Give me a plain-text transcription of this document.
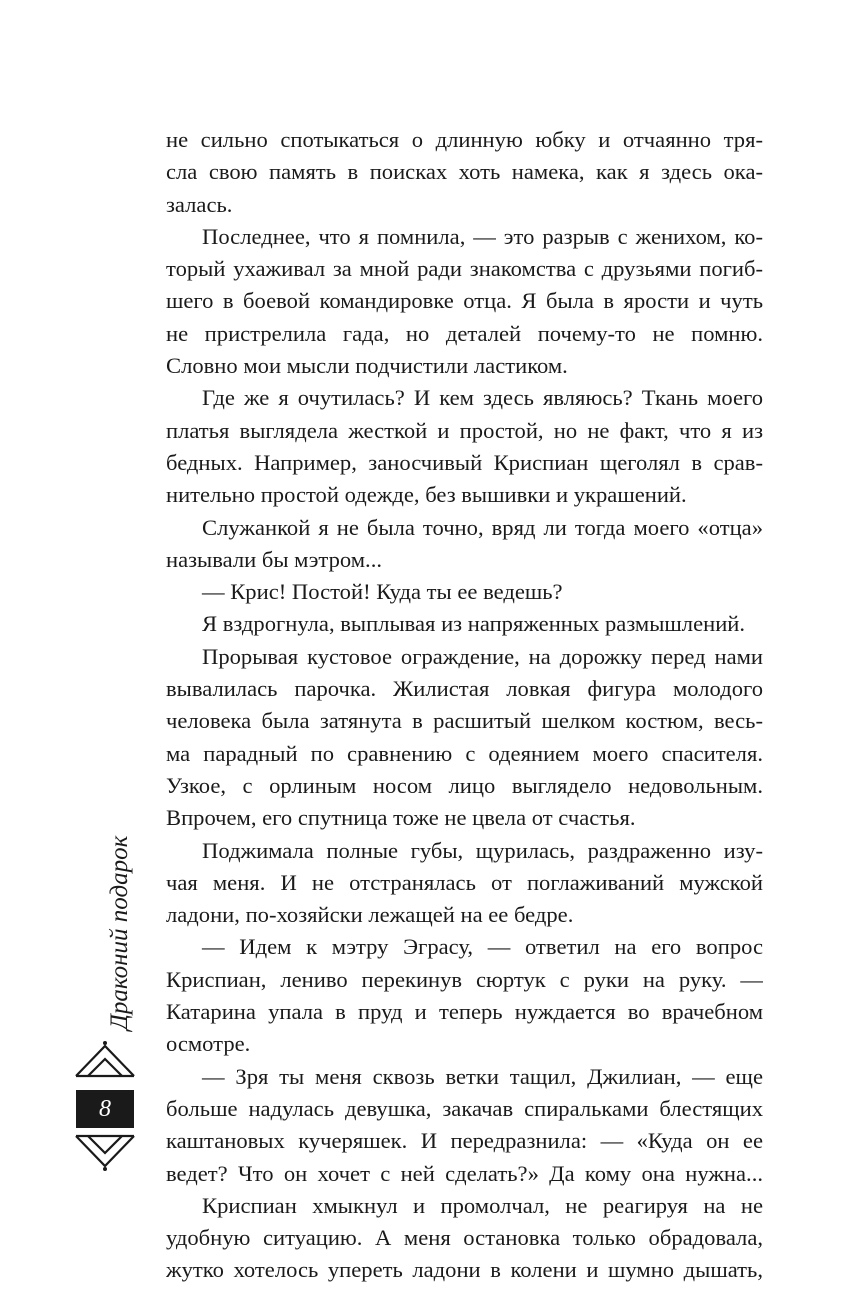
не сильно спотыкаться о длинную юбку и отчаянно тря-
сла свою память в поисках хоть намека, как я здесь ока-
залась.
Последнее, что я помнила, — это разрыв с женихом, ко-
торый ухаживал за мной ради знакомства с друзьями погиб-
шего в боевой командировке отца. Я была в ярости и чуть
не пристрелила гада, но деталей почему-то не помню.
Словно мои мысли подчистили ластиком.
Где же я очутилась? И кем здесь являюсь? Ткань моего
платья выглядела жесткой и простой, но не факт, что я из
бедных. Например, заносчивый Криспиан щеголял в срав-
нительно простой одежде, без вышивки и украшений.
Служанкой я не была точно, вряд ли тогда моего «отца»
называли бы мэтром...
— Крис! Постой! Куда ты ее ведешь?
Я вздрогнула, выплывая из напряженных размышлений.
Прорывая кустовое ограждение, на дорожку перед нами
вывалилась парочка. Жилистая ловкая фигура молодого
человека была затянута в расшитый шелком костюм, весь-
ма парадный по сравнению с одеянием моего спасителя.
Узкое, с орлиным носом лицо выглядело недовольным.
Впрочем, его спутница тоже не цвела от счастья.
Поджимала полные губы, щурилась, раздраженно изу-
чая меня. И не отстранялась от поглаживаний мужской
ладони, по-хозяйски лежащей на ее бедре.
— Идем к мэтру Эграсу, — ответил на его вопрос
Криспиан, лениво перекинув сюртук с руки на руку. —
Катарина упала в пруд и теперь нуждается во врачебном
осмотре.
— Зря ты меня сквозь ветки тащил, Джилиан, — еще
больше надулась девушка, закачав спиральками блестящих
каштановых кучеряшек. И передразнила: — «Куда он ее
ведет? Что он хочет с ней сделать?» Да кому она нужна...
Криспиан хмыкнул и промолчал, не реагируя на не
удобную ситуацию. А меня остановка только обрадовала,
жутко хотелось упереть ладони в колени и шумно дышать,
Драконий подарок
8
